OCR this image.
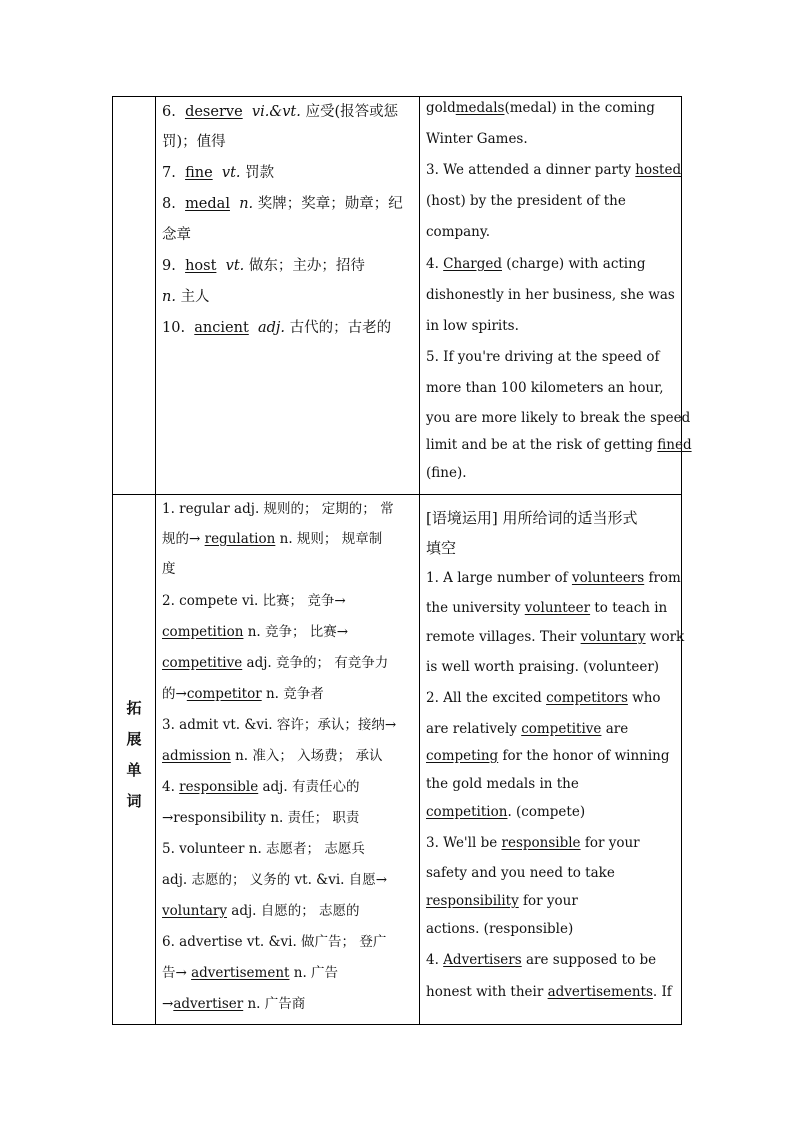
拓
展
单
词
6. deserve vi.&vt. 应受(报答或惩
罚)；值得
7. fine vt. 罚款
8. medal n. 奖牌；奖章；勋章；纪
念章
9. host vt. 做东；主办；招待
n. 主人
10. ancient adj. 古代的；古老的
goldmedals(medal) in the coming
Winter Games.
3. We attended a dinner party hosted
(host) by the president of the
company.
4. Charged (charge) with acting
dishonestly in her business, she was
in low spirits.
5. If you're driving at the speed of
more than 100 kilometers an hour,
you are more likely to break the speed
limit and be at the risk of getting fined
(fine).
1. regular adj. 规则的； 定期的； 常
规的→ regulation n. 规则； 规章制
度
2. compete vi. 比赛； 竞争→
competition n. 竞争； 比赛→
competitive adj. 竞争的； 有竞争力
的→competitor n. 竞争者
3. admit vt. &vi. 容许；承认；接纳→
admission n. 准入； 入场费； 承认
4. responsible adj. 有责任心的
→responsibility n. 责任； 职责
5. volunteer n. 志愿者； 志愿兵
adj. 志愿的； 义务的 vt. &vi. 自愿→
voluntary adj. 自愿的； 志愿的
6. advertise vt. &vi. 做广告； 登广
告→ advertisement n. 广告
→advertiser n. 广告商
[语境运用] 用所给词的适当形式
填空
1. A large number of volunteers from
the university volunteer to teach in
remote villages. Their voluntary work
is well worth praising. (volunteer)
2. All the excited competitors who
are relatively competitive are
competing for the honor of winning
the gold medals in the
competition. (compete)
3. We'll be responsible for your
safety and you need to take
responsibility for your
actions. (responsible)
4. Advertisers are supposed to be
honest with their advertisements. If
